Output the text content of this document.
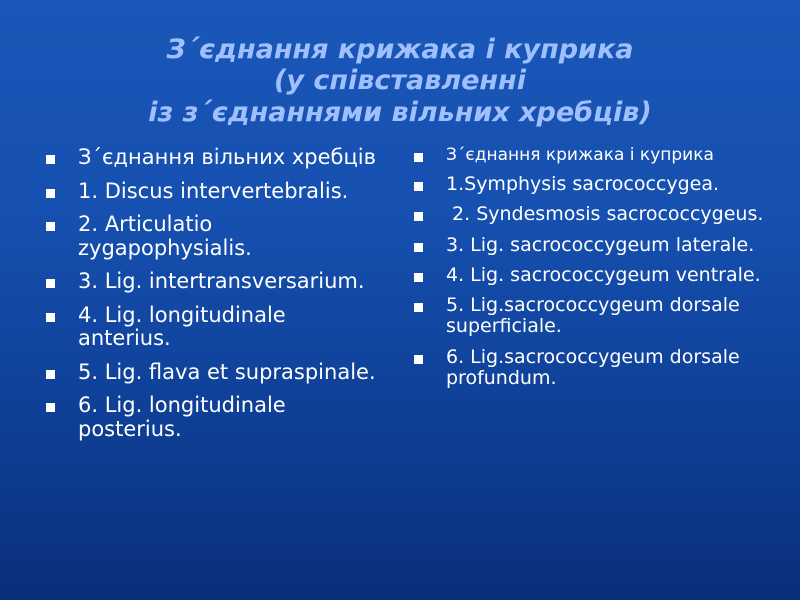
З´єднання крижака і куприка
(у співставленні
із з´єднаннями вільних хребців)
З´єднання вільних хребців
1. Discus intervertebralis.
2. Articulatio zygapophysialis.
3. Lig. intertransversarium.
4. Lig. longitudinale anterius.
5. Lig. flava et supraspinale.
6. Lig. longitudinale posterius.
З´єднання крижака і куприка
1.Symphysis sacrococcygea.
2. Syndesmosis sacrococcygeus.
3. Lig. sacrococcygeum laterale.
4. Lig. sacrococcygeum ventrale.
5. Lig.sacrococcygeum dorsale superficiale.
6. Lig.sacrococcygeum dorsale profundum.
